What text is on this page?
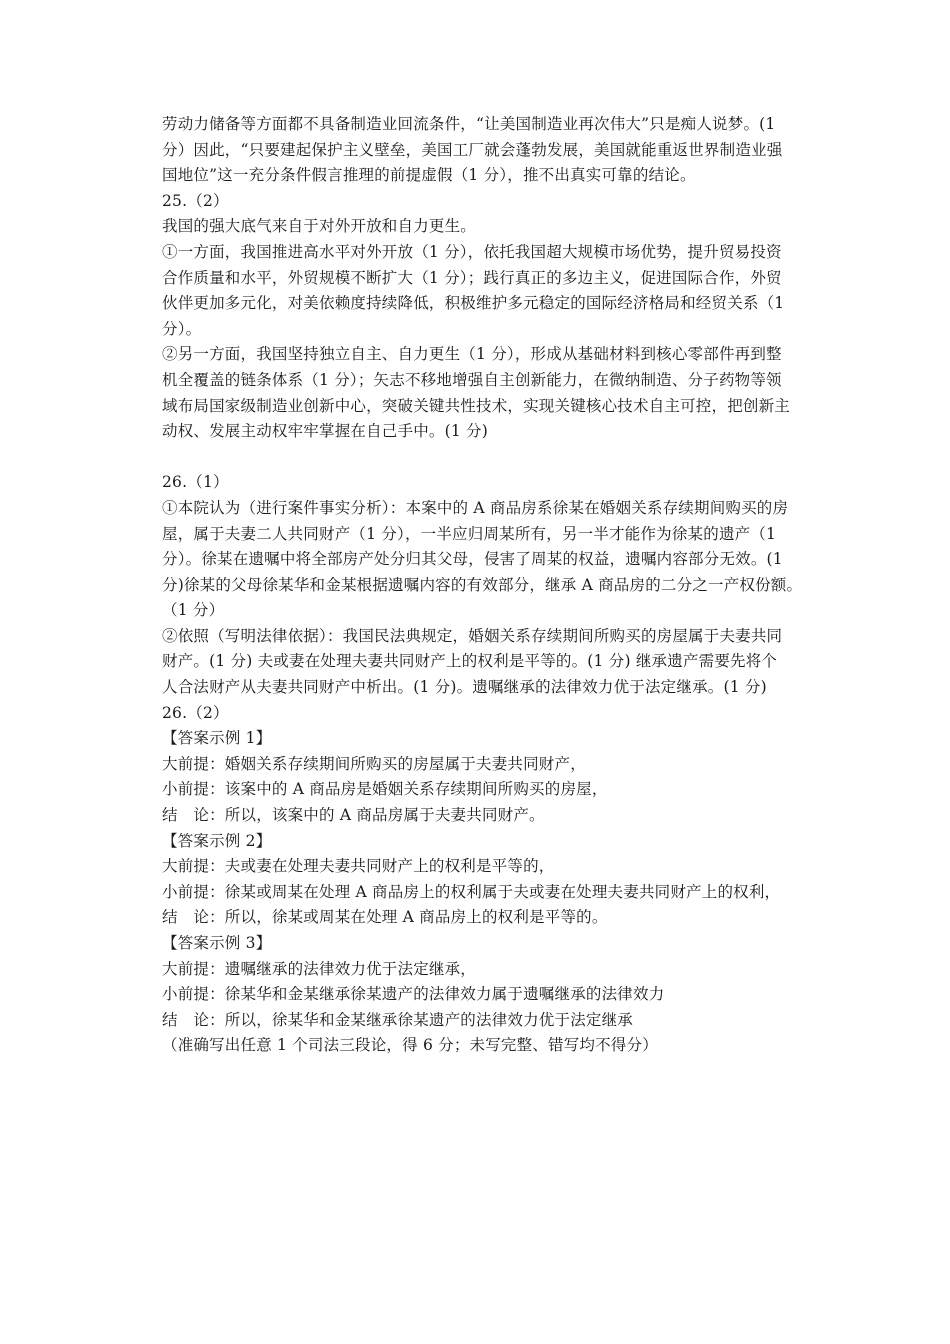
劳动力储备等方面都不具备制造业回流条件，“让美国制造业再次伟大”只是痴人说梦。(1
分）因此，“只要建起保护主义壁垒，美国工厂就会蓬勃发展，美国就能重返世界制造业强
国地位”这一充分条件假言推理的前提虚假（1 分），推不出真实可靠的结论。
25.（2）
我国的强大底气来自于对外开放和自力更生。
①一方面，我国推进高水平对外开放（1 分），依托我国超大规模市场优势，提升贸易投资
合作质量和水平，外贸规模不断扩大（1 分）；践行真正的多边主义，促进国际合作，外贸
伙伴更加多元化，对美依赖度持续降低，积极维护多元稳定的国际经济格局和经贸关系（1
分）。
②另一方面，我国坚持独立自主、自力更生（1 分），形成从基础材料到核心零部件再到整
机全覆盖的链条体系（1 分）；矢志不移地增强自主创新能力，在微纳制造、分子药物等领
域布局国家级制造业创新中心，突破关键共性技术，实现关键核心技术自主可控，把创新主
动权、发展主动权牢牢掌握在自己手中。(1 分)
26.（1）
①本院认为（进行案件事实分析）：本案中的 A 商品房系徐某在婚姻关系存续期间购买的房
屋，属于夫妻二人共同财产（1 分），一半应归周某所有，另一半才能作为徐某的遗产（1
分）。徐某在遗嘱中将全部房产处分归其父母，侵害了周某的权益，遗嘱内容部分无效。(1
分)徐某的父母徐某华和金某根据遗嘱内容的有效部分，继承 A 商品房的二分之一产权份额。
（1 分）
②依照（写明法律依据）：我国民法典规定，婚姻关系存续期间所购买的房屋属于夫妻共同
财产。(1 分) 夫或妻在处理夫妻共同财产上的权利是平等的。(1 分) 继承遗产需要先将个
人合法财产从夫妻共同财产中析出。(1 分)。遗嘱继承的法律效力优于法定继承。(1 分)
26.（2）
【答案示例 1】
大前提：婚姻关系存续期间所购买的房屋属于夫妻共同财产，
小前提：该案中的 A 商品房是婚姻关系存续期间所购买的房屋，
结　论：所以，该案中的 A 商品房属于夫妻共同财产。
【答案示例 2】
大前提：夫或妻在处理夫妻共同财产上的权利是平等的，
小前提：徐某或周某在处理 A 商品房上的权利属于夫或妻在处理夫妻共同财产上的权利，
结　论：所以，徐某或周某在处理 A 商品房上的权利是平等的。
【答案示例 3】
大前提：遗嘱继承的法律效力优于法定继承，
小前提：徐某华和金某继承徐某遗产的法律效力属于遗嘱继承的法律效力
结　论：所以，徐某华和金某继承徐某遗产的法律效力优于法定继承
（准确写出任意 1 个司法三段论，得 6 分；未写完整、错写均不得分）
